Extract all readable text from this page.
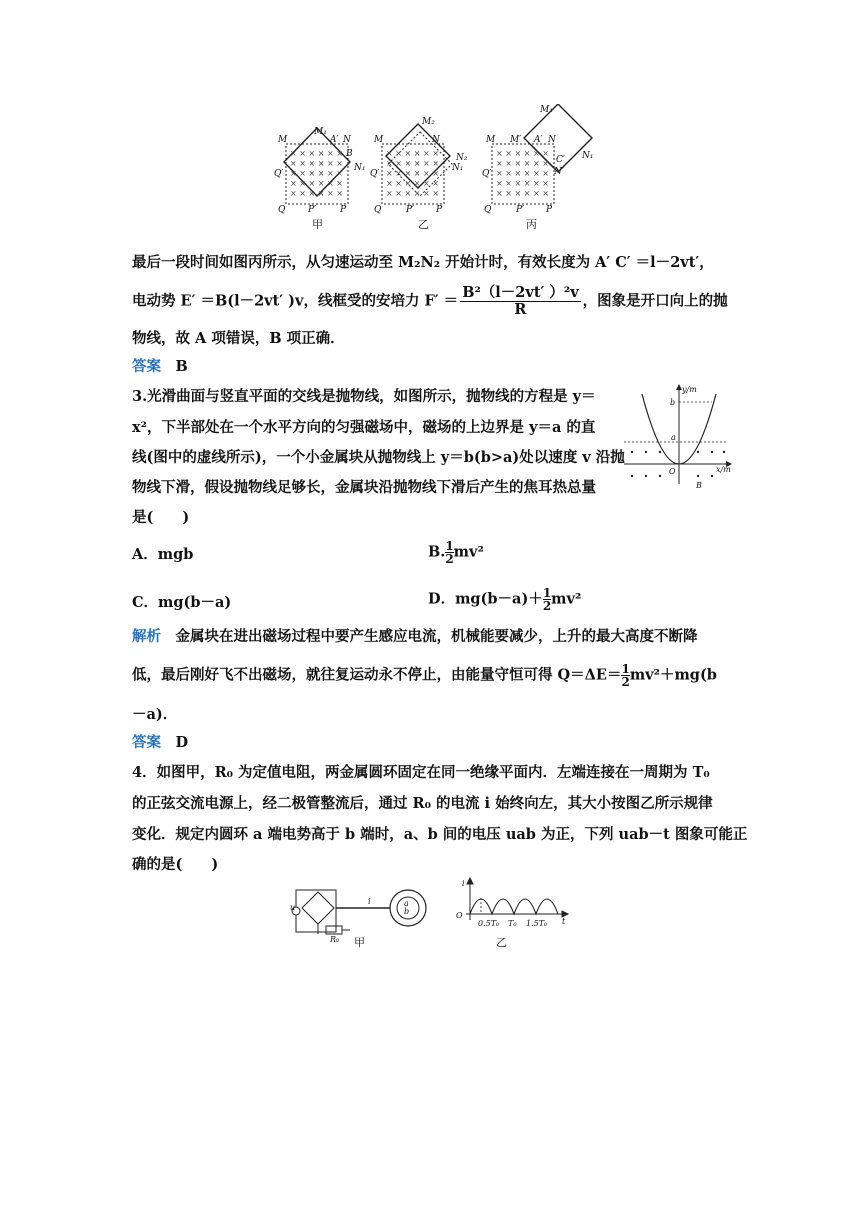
× × × × × ×
× × × × × ×
× × × × × ×
× × × × × ×
× × × × × ×
M
M₁
A′ N
B
N₁
Q′
Q	P′	P
甲
× × × × × ×
× × × × × ×
× × × × × ×
× × × × × ×
× × × × × ×
M
M₂
N
N₂
N₁
Q′
Q	P′ P
乙
× × × × × ×
× × × × × ×
× × × × × ×
× × × × × ×
× × × × × ×
M₁
M M′ A′ N
C′ N₁
N′
Q′
Q	P′ P
丙
最后一段时间如图丙所示，从匀速运动至 M₂N₂ 开始计时，有效长度为 A′ C′ ＝l－2vt′，
电动势 E′ ＝B(l－2vt′ )v，线框受的安培力 $F' = \frac{\text{B²（l－2vt′ ）²v}}{R}$ ，图象是开口向上的抛
物线，故 A 项错误，B 项正确．
答案　 B
3.光滑曲面与竖直平面的交线是抛物线，如图所示，抛物线的方程是 y＝
x²，下半部处在一个水平方向的匀强磁场中，磁场的上边界是 y＝a 的直
线(图中的虚线所示)，一个小金属块从抛物线上 y＝b(b>a)处以速度 v 沿抛
物线下滑，假设抛物线足够长，金属块沿抛物线下滑后产生的焦耳热总量
是(　　)
y/m
x/m
b
a
O
B
A．mgb	B. $\frac{1}{2} mv^2$
C．mg(b－a)	D．$mg(b-a)+ \frac{1}{2} mv^2$
解析　 金属块在进出磁场过程中要产生感应电流，机械能要减少，上升的最大高度不断降
低，最后刚好飞不出磁场，就往复运动永不停止，由能量守恒可得 $Q=\Delta E= \frac{1}{2} mv^2+mg(b$
－a)．
答案　 D
4．如图甲，R₀ 为定值电阻，两金属圆环固定在同一绝缘平面内．左端连接在一周期为 T₀
的正弦交流电源上，经二极管整流后，通过 R₀ 的电流 i 始终向左，其大小按图乙所示规律
变化．规定内圆环 a 端电势高于 b 端时，a、b 间的电压 uab 为正，下列 uab－t 图象可能正
确的是(　　)
u
i
R₀
a
b
甲
i
O
t
0.5T₀ T₀ 1.5T₀
乙
